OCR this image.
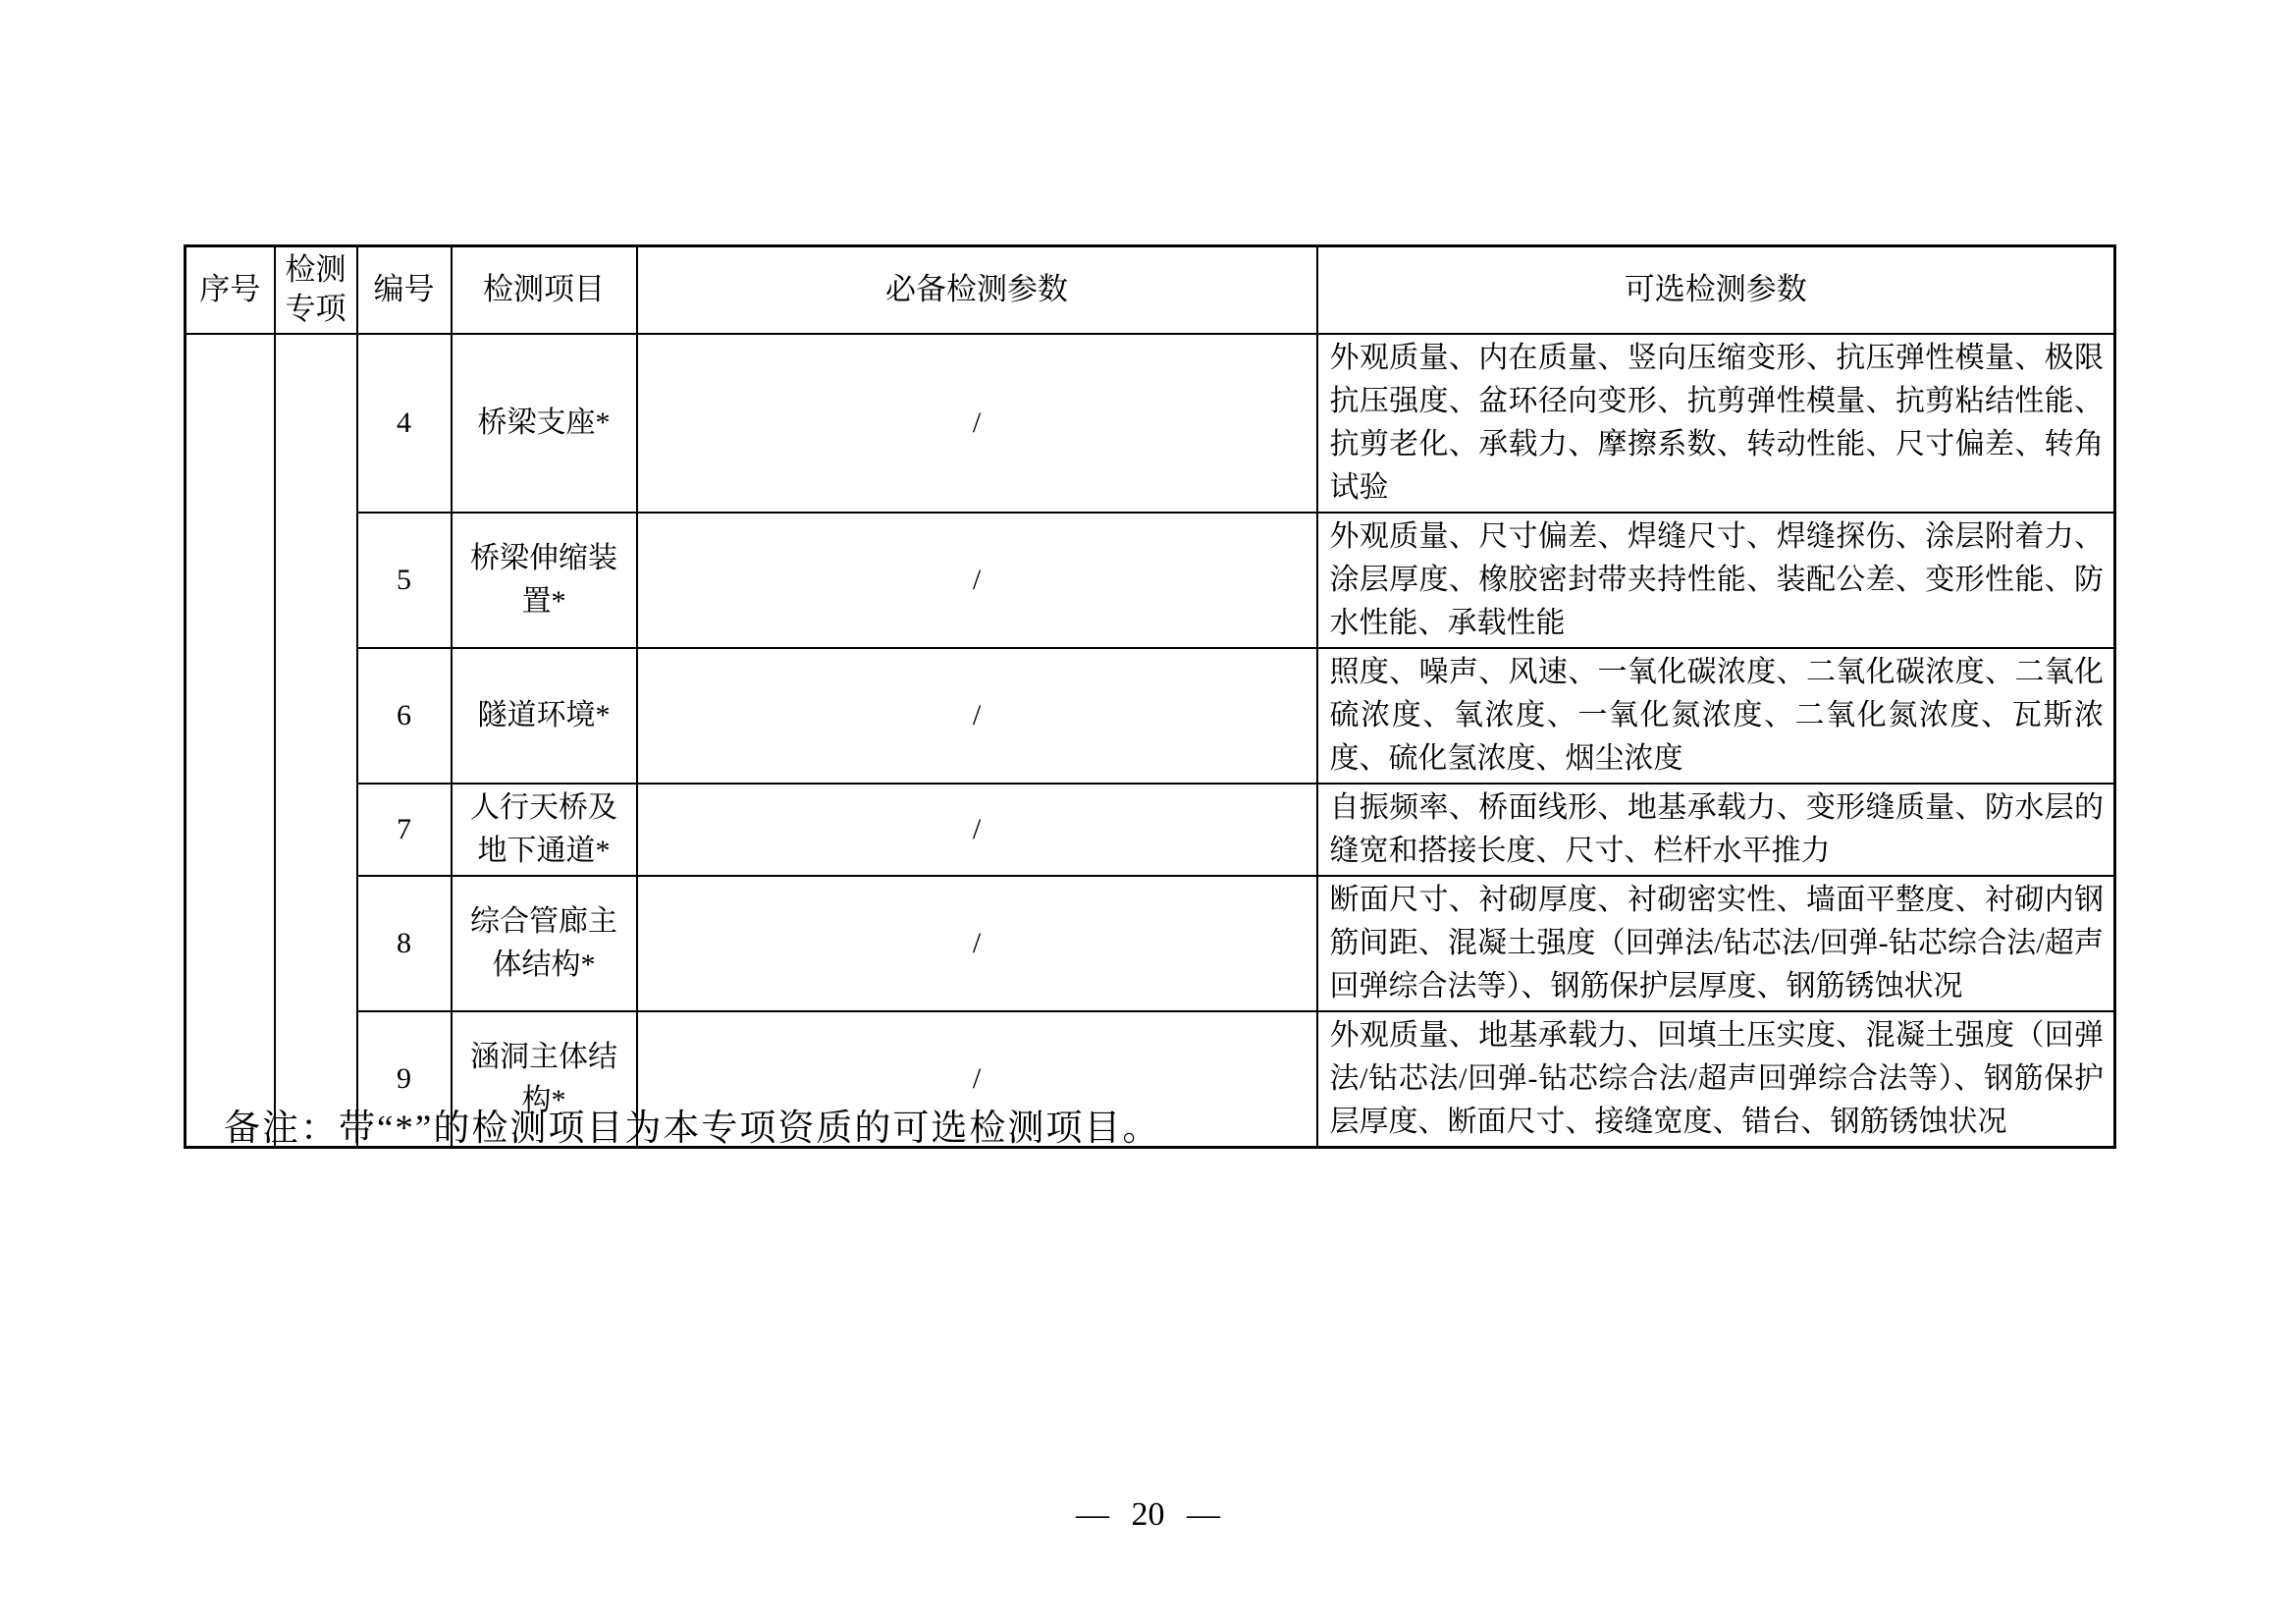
序号	检测专项	编号	检测项目	必备检测参数	可选检测参数
		4	桥梁支座*	/	外观质量、内在质量、竖向压缩变形、抗压弹性模量、极限抗压强度、盆环径向变形、抗剪弹性模量、抗剪粘结性能、抗剪老化、承载力、摩擦系数、转动性能、尺寸偏差、转角试验
		5	桥梁伸缩装置*	/	外观质量、尺寸偏差、焊缝尺寸、焊缝探伤、涂层附着力、涂层厚度、橡胶密封带夹持性能、装配公差、变形性能、防水性能、承载性能
		6	隧道环境*	/	照度、噪声、风速、一氧化碳浓度、二氧化碳浓度、二氧化硫浓度、氧浓度、一氧化氮浓度、二氧化氮浓度、瓦斯浓度、硫化氢浓度、烟尘浓度
		7	人行天桥及地下通道*	/	自振频率、桥面线形、地基承载力、变形缝质量、防水层的缝宽和搭接长度、尺寸、栏杆水平推力
		8	综合管廊主体结构*	/	断面尺寸、衬砌厚度、衬砌密实性、墙面平整度、衬砌内钢筋间距、混凝土强度（回弹法/钻芯法/回弹-钻芯综合法/超声回弹综合法等）、钢筋保护层厚度、钢筋锈蚀状况
		9	涵洞主体结构*	/	外观质量、地基承载力、回填土压实度、混凝土强度（回弹法/钻芯法/回弹-钻芯综合法/超声回弹综合法等）、钢筋保护层厚度、断面尺寸、接缝宽度、错台、钢筋锈蚀状况
备注：带“*”的检测项目为本专项资质的可选检测项目。
— 20 —
